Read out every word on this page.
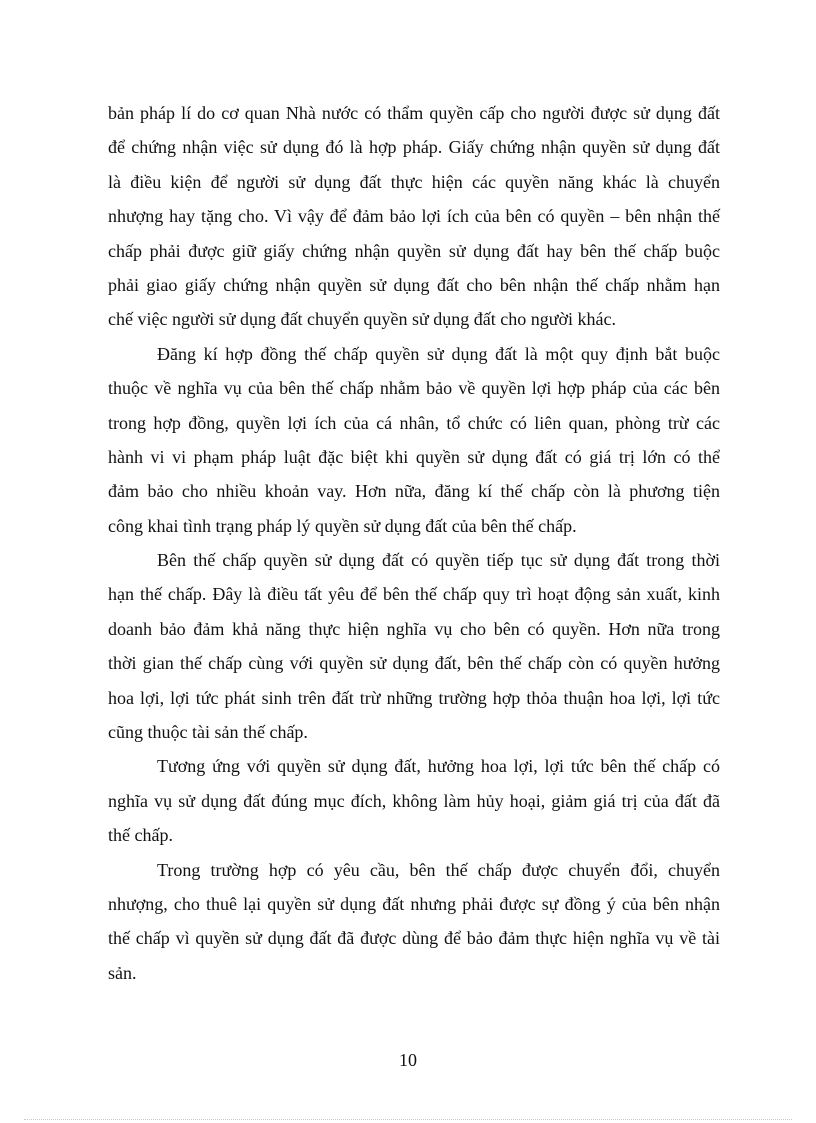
bản pháp lí do cơ quan Nhà nước có thẩm quyền cấp cho người được sử dụng đất
để chứng nhận việc sử dụng đó là hợp pháp. Giấy chứng nhận quyền sử dụng đất
là điều kiện để người sử dụng đất thực hiện các quyền năng khác là chuyển
nhượng hay tặng cho. Vì vậy để đảm bảo lợi ích của bên có quyền – bên nhận thế
chấp phải được giữ giấy chứng nhận quyền sử dụng đất hay bên thế chấp buộc
phải giao giấy chứng nhận quyền sử dụng đất cho bên nhận thế chấp nhằm hạn
chế việc người sử dụng đất chuyển quyền sử dụng đất cho người khác.
Đăng kí hợp đồng thế chấp quyền sử dụng đất là một quy định bắt buộc
thuộc về nghĩa vụ của bên thế chấp nhằm bảo về quyền lợi hợp pháp của các bên
trong hợp đồng, quyền lợi ích của cá nhân, tổ chức có liên quan, phòng trừ các
hành vi vi phạm pháp luật đặc biệt khi quyền sử dụng đất có giá trị lớn có thể
đảm bảo cho nhiều khoản vay. Hơn nữa, đăng kí thế chấp còn là phương tiện
công khai tình trạng pháp lý quyền sử dụng đất của bên thế chấp.
Bên thế chấp quyền sử dụng đất có quyền tiếp tục sử dụng đất trong thời
hạn thế chấp. Đây là điều tất yêu để bên thế chấp quy trì hoạt động sản xuất, kinh
doanh bảo đảm khả năng thực hiện nghĩa vụ cho bên có quyền. Hơn nữa trong
thời gian thế chấp cùng với quyền sử dụng đất, bên thế chấp còn có quyền hưởng
hoa lợi, lợi tức phát sinh trên đất trừ những trường hợp thỏa thuận hoa lợi, lợi tức
cũng thuộc tài sản thế chấp.
Tương ứng với quyền sử dụng đất, hưởng hoa lợi, lợi tức bên thế chấp có
nghĩa vụ sử dụng đất đúng mục đích, không làm hủy hoại, giảm giá trị của đất đã
thế chấp.
Trong trường hợp có yêu cầu, bên thế chấp được chuyển đổi, chuyển
nhượng, cho thuê lại quyền sử dụng đất nhưng phải được sự đồng ý của bên nhận
thế chấp vì quyền sử dụng đất đã được dùng để bảo đảm thực hiện nghĩa vụ về tài
sản.
10
